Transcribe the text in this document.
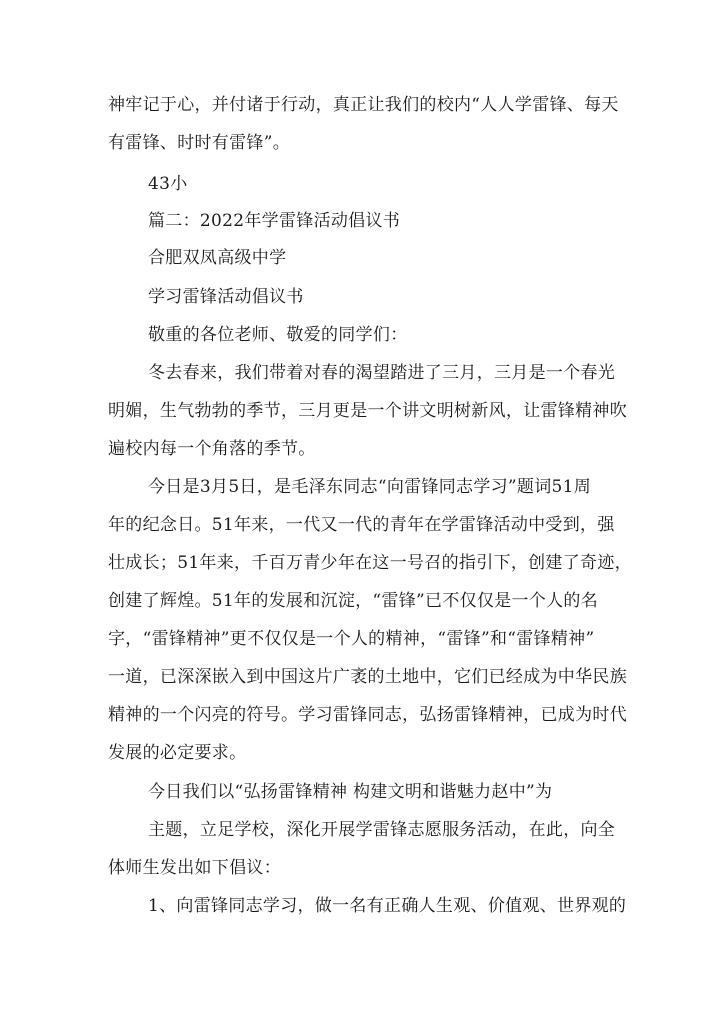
神牢记于心，并付诸于行动，真正让我们的校内“人人学雷锋、每天
有雷锋、时时有雷锋”。
43小
篇二：2022年学雷锋活动倡议书
合肥双凤高级中学
学习雷锋活动倡议书
敬重的各位老师、敬爱的同学们：
冬去春来，我们带着对春的渴望踏进了三月，三月是一个春光
明媚，生气勃勃的季节，三月更是一个讲文明树新风，让雷锋精神吹
遍校内每一个角落的季节。
今日是3月5日，是毛泽东同志“向雷锋同志学习”题词51周
年的纪念日。51年来，一代又一代的青年在学雷锋活动中受到，强
壮成长；51年来，千百万青少年在这一号召的指引下，创建了奇迹，
创建了辉煌。51年的发展和沉淀，“雷锋”已不仅仅是一个人的名
字，“雷锋精神”更不仅仅是一个人的精神，“雷锋”和“雷锋精神”
一道，已深深嵌入到中国这片广袤的土地中，它们已经成为中华民族
精神的一个闪亮的符号。学习雷锋同志，弘扬雷锋精神，已成为时代
发展的必定要求。
今日我们以“弘扬雷锋精神 构建文明和谐魅力赵中”为
主题，立足学校，深化开展学雷锋志愿服务活动，在此，向全
体师生发出如下倡议：
1、向雷锋同志学习，做一名有正确人生观、价值观、世界观的
